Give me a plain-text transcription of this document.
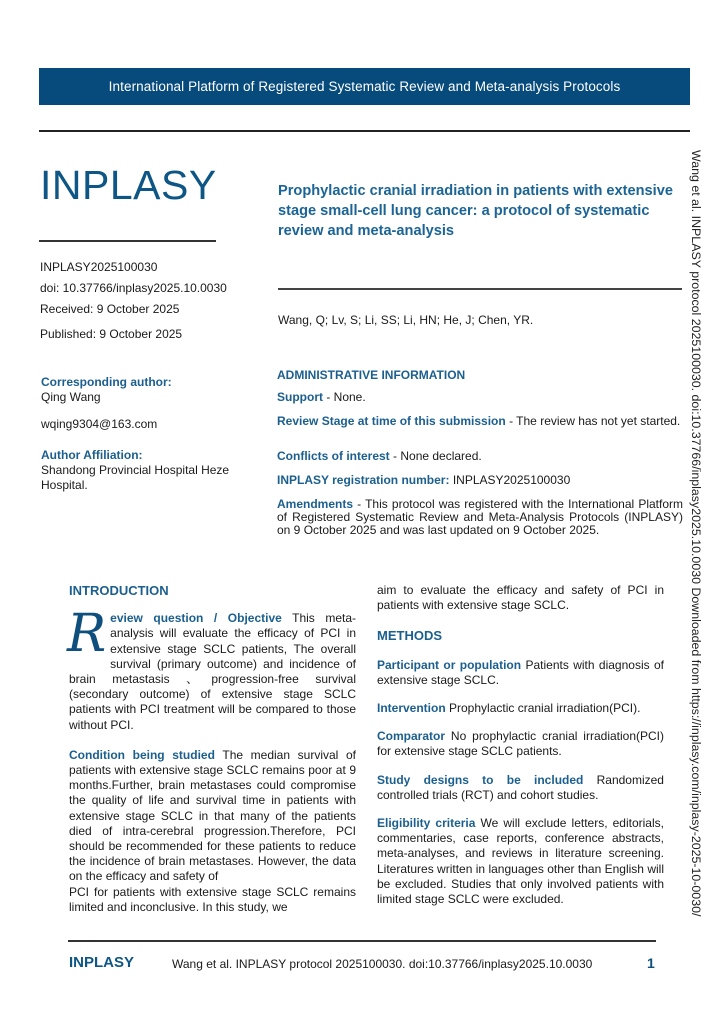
International Platform of Registered Systematic Review and Meta-analysis Protocols
INPLASY
INPLASY2025100030
doi: 10.37766/inplasy2025.10.0030
Received: 9 October 2025
Published: 9 October 2025
Prophylactic cranial irradiation in patients with extensive stage small-cell lung cancer: a protocol of systematic review and meta-analysis
Wang, Q; Lv, S; Li, SS; Li, HN; He, J; Chen, YR.
Corresponding author:
Qing Wang
wqing9304@163.com
Author Affiliation:
Shandong Provincial Hospital Heze Hospital.
ADMINISTRATIVE INFORMATION
Support - None.
Review Stage at time of this submission - The review has not yet started.
Conflicts of interest - None declared.
INPLASY registration number: INPLASY2025100030
Amendments - This protocol was registered with the International Platform of Registered Systematic Review and Meta-Analysis Protocols (INPLASY) on 9 October 2025 and was last updated on 9 October 2025.
INTRODUCTION

Review question / Objective This meta-analysis will evaluate the efficacy of PCI in extensive stage SCLC patients, The overall survival (primary outcome) and incidence of brain metastasis 、progression-free survival (secondary outcome) of extensive stage SCLC patients with PCI treatment will be compared to those without PCI.

Condition being studied The median survival of patients with extensive stage SCLC remains poor at 9 months.Further, brain metastases could compromise the quality of life and survival time in patients with extensive stage SCLC in that many of the patients died of intra-cerebral progression.Therefore, PCI should be recommended for these patients to reduce the incidence of brain metastases. However, the data on the efficacy and safety of

PCI for patients with extensive stage SCLC remains limited and inconclusive. In this study, we

aim to evaluate the efficacy and safety of PCI in patients with extensive stage SCLC.

METHODS

Participant or population Patients with diagnosis of extensive stage SCLC.

Intervention Prophylactic cranial irradiation(PCI).

Comparator No prophylactic cranial irradiation(PCI) for extensive stage SCLC patients.

Study designs to be included Randomized controlled trials (RCT) and cohort studies.

Eligibility criteria We will exclude letters, editorials, commentaries, case reports, conference abstracts, meta-analyses, and reviews in literature screening. Literatures written in languages other than English will be excluded. Studies that only involved patients with limited stage SCLC were excluded.

INPLASY	Wang et al. INPLASY protocol 2025100030. doi:10.37766/inplasy2025.10.0030	1
Wang et al. INPLASY protocol 2025100030. doi:10.37766/inplasy2025.10.0030 Downloaded from https://inplasy.com/inplasy-2025-10-0030/
